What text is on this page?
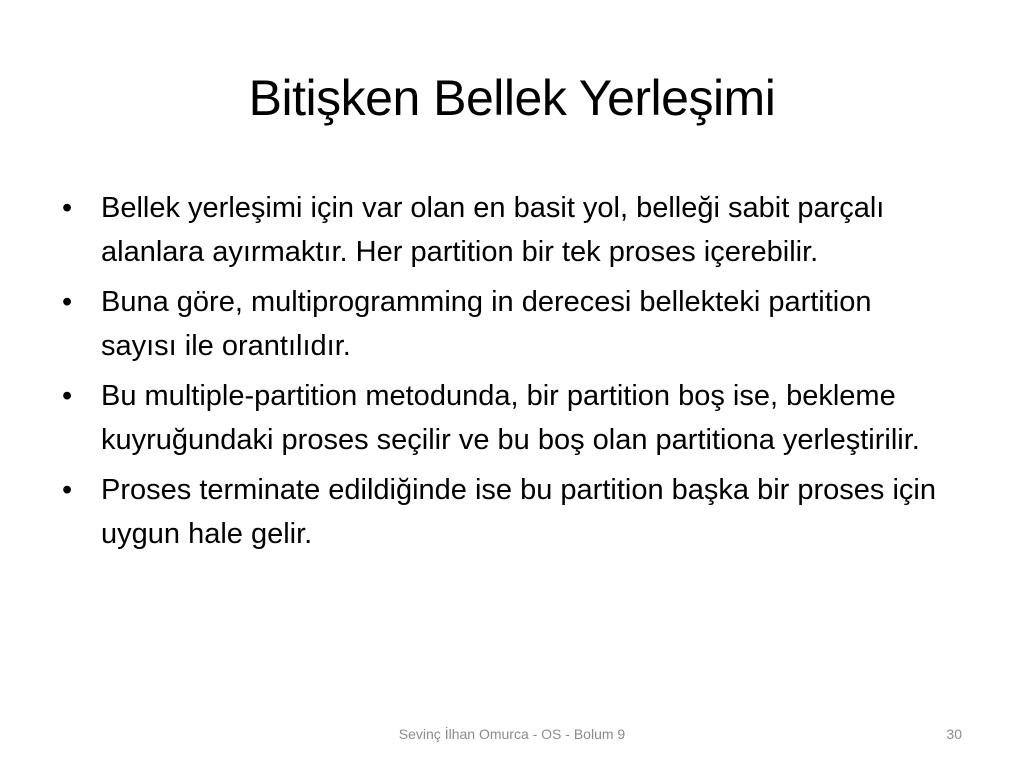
Bitişken Bellek Yerleşimi
• Bellek yerleşimi için var olan en basit yol, belleği sabit parçalı alanlara ayırmaktır. Her partition bir tek proses içerebilir.
• Buna göre, multiprogramming in derecesi bellekteki partition sayısı ile orantılıdır.
• Bu multiple-partition metodunda, bir partition boş ise, bekleme kuyruğundaki proses seçilir ve bu boş olan partitiona yerleştirilir.
• Proses terminate edildiğinde ise bu partition başka bir proses için uygun hale gelir.
Sevinç İlhan Omurca - OS - Bolum 9	30
